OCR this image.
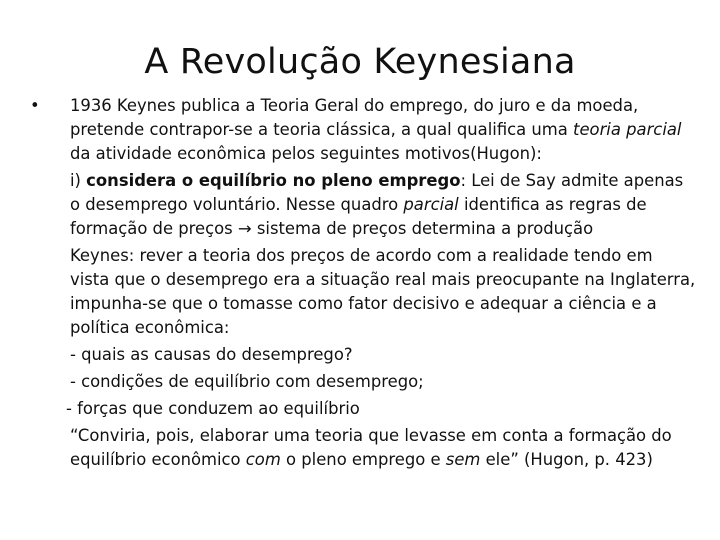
A Revolução Keynesiana
• 1936 Keynes publica a Teoria Geral do emprego, do juro e da moeda, pretende contrapor-se a teoria clássica, a qual qualifica uma teoria parcial da atividade econômica pelos seguintes motivos(Hugon):
i) considera o equilíbrio no pleno emprego: Lei de Say admite apenas o desemprego voluntário. Nesse quadro parcial identifica as regras de formação de preços → sistema de preços determina a produção
Keynes: rever a teoria dos preços de acordo com a realidade tendo em vista que o desemprego era a situação real mais preocupante na Inglaterra, impunha-se que o tomasse como fator decisivo e adequar a ciência e a política econômica:
- quais as causas do desemprego?
- condições de equilíbrio com desemprego;
- forças que conduzem ao equilíbrio
“Conviria, pois, elaborar uma teoria que levasse em conta a formação do equilíbrio econômico com o pleno emprego e sem ele” (Hugon, p. 423)
